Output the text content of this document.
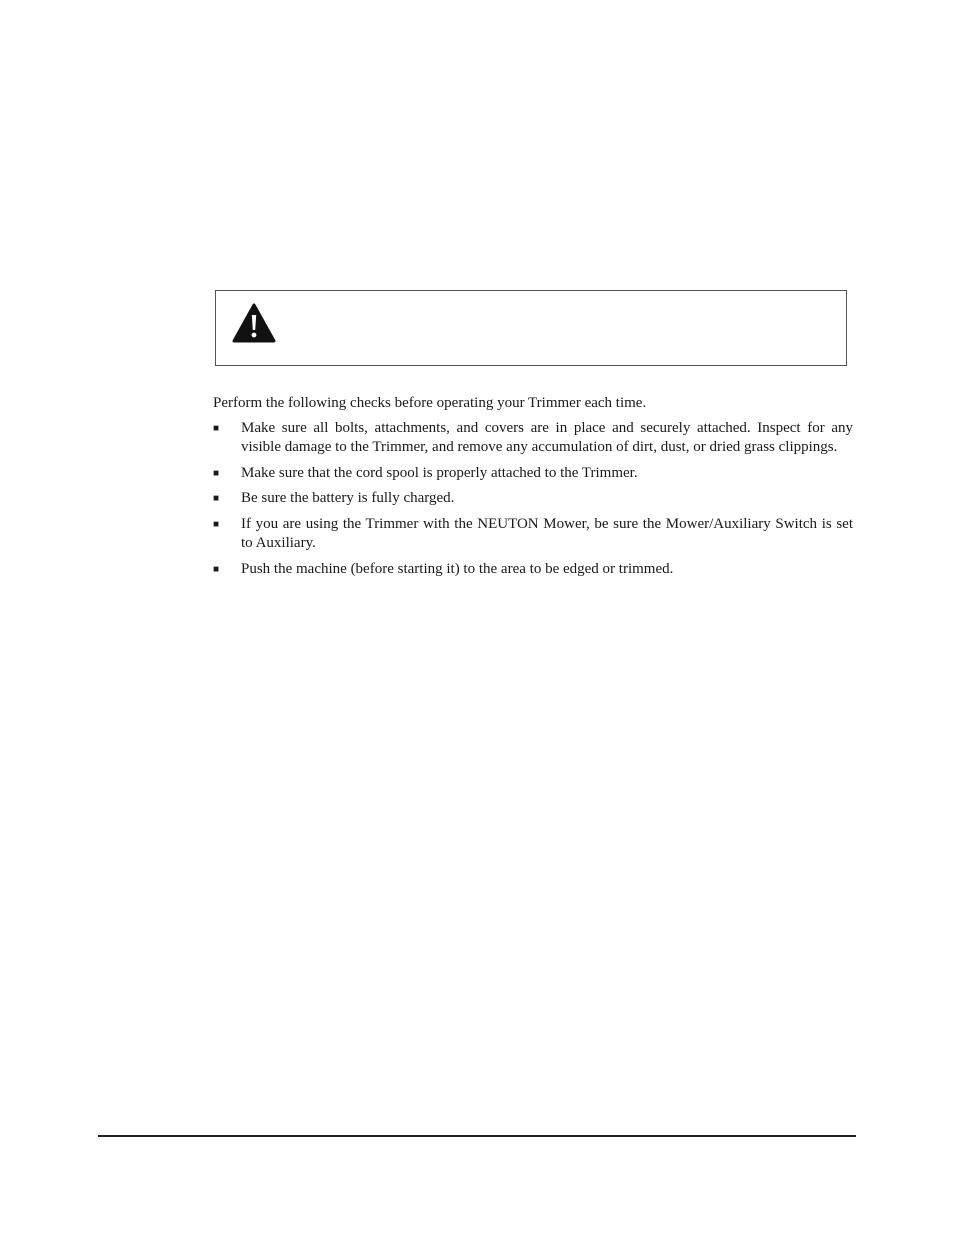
Perform the following checks before operating your Trimmer each time.

■ Make sure all bolts, attachments, and covers are in place and securely attached. Inspect for any visible damage to the Trimmer, and remove any accumulation of dirt, dust, or dried grass clippings.
■ Make sure that the cord spool is properly attached to the Trimmer.
■ Be sure the battery is fully charged.
■ If you are using the Trimmer with the NEUTON Mower, be sure the Mower/Auxiliary Switch is set to Auxiliary.
■ Push the machine (before starting it) to the area to be edged or trimmed.
